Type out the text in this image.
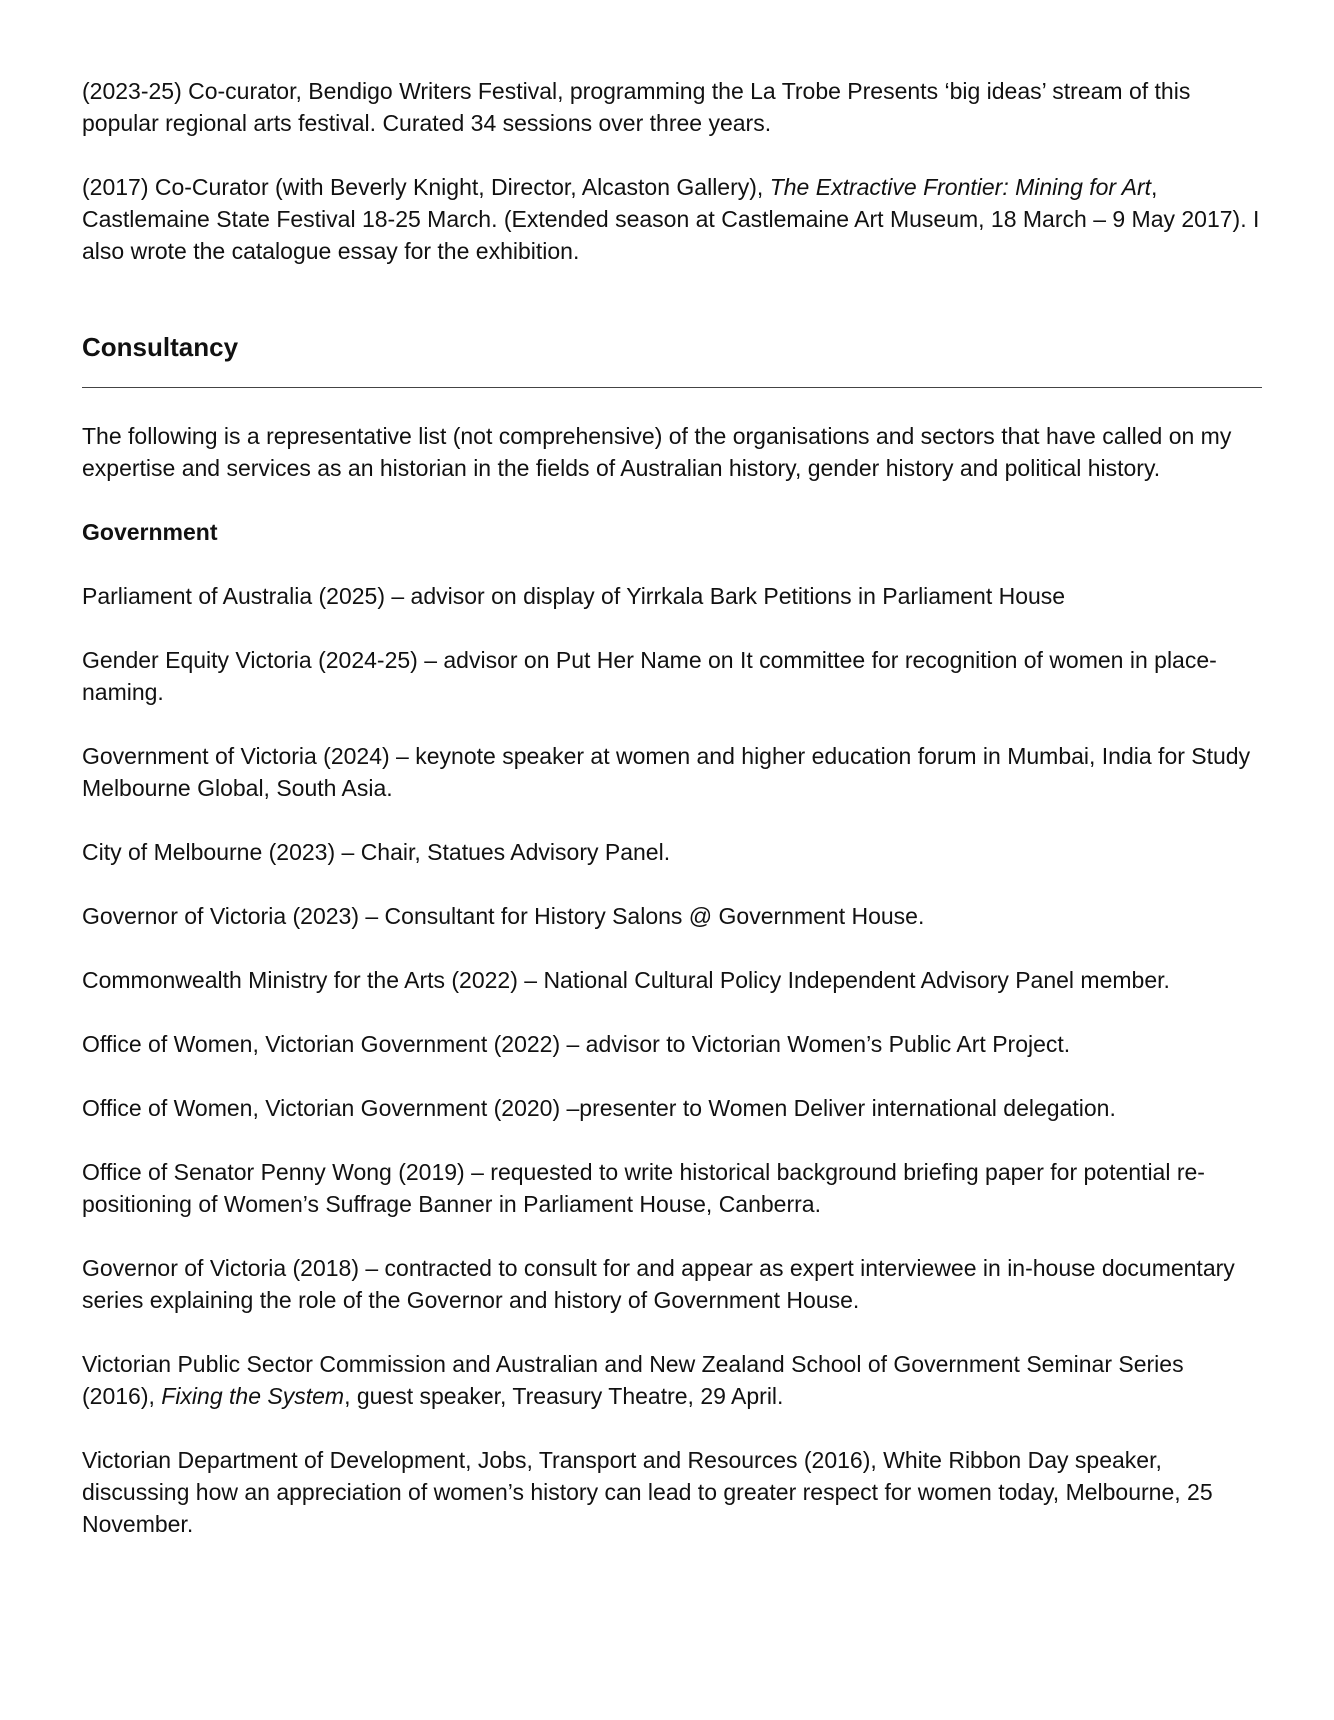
(2023-25) Co-curator, Bendigo Writers Festival, programming the La Trobe Presents ‘big ideas’ stream of this popular regional arts festival. Curated 34 sessions over three years.

(2017) Co-Curator (with Beverly Knight, Director, Alcaston Gallery), The Extractive Frontier: Mining for Art, Castlemaine State Festival 18-25 March. (Extended season at Castlemaine Art Museum, 18 March – 9 May 2017). I also wrote the catalogue essay for the exhibition.

Consultancy

The following is a representative list (not comprehensive) of the organisations and sectors that have called on my expertise and services as an historian in the fields of Australian history, gender history and political history.

Government

Parliament of Australia (2025) – advisor on display of Yirrkala Bark Petitions in Parliament House

Gender Equity Victoria (2024-25) – advisor on Put Her Name on It committee for recognition of women in place-naming.

Government of Victoria (2024) – keynote speaker at women and higher education forum in Mumbai, India for Study Melbourne Global, South Asia.

City of Melbourne (2023) – Chair, Statues Advisory Panel.

Governor of Victoria (2023) – Consultant for History Salons @ Government House.

Commonwealth Ministry for the Arts (2022) – National Cultural Policy Independent Advisory Panel member.

Office of Women, Victorian Government (2022) – advisor to Victorian Women’s Public Art Project.

Office of Women, Victorian Government (2020) –presenter to Women Deliver international delegation.

Office of Senator Penny Wong (2019) – requested to write historical background briefing paper for potential re-positioning of Women’s Suffrage Banner in Parliament House, Canberra.

Governor of Victoria (2018) – contracted to consult for and appear as expert interviewee in in-house documentary series explaining the role of the Governor and history of Government House.

Victorian Public Sector Commission and Australian and New Zealand School of Government Seminar Series (2016), Fixing the System, guest speaker, Treasury Theatre, 29 April.

Victorian Department of Development, Jobs, Transport and Resources (2016), White Ribbon Day speaker, discussing how an appreciation of women’s history can lead to greater respect for women today, Melbourne, 25 November.
